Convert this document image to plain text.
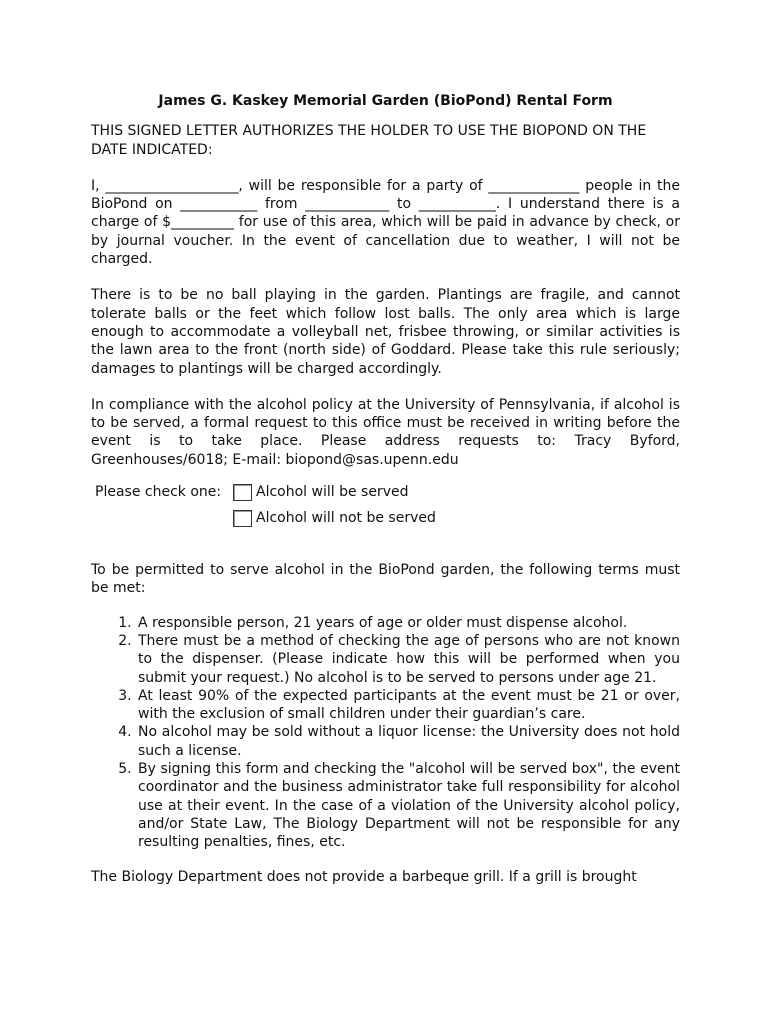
James G. Kaskey Memorial Garden (BioPond) Rental Form
THIS SIGNED LETTER AUTHORIZES THE HOLDER TO USE THE BIOPOND ON THE DATE INDICATED:

I, ___________________, will be responsible for a party of _____________ people in the BioPond on ___________ from ____________ to ___________. I understand there is a charge of $_________ for use of this area, which will be paid in advance by check, or by journal voucher. In the event of cancellation due to weather, I will not be charged.

There is to be no ball playing in the garden. Plantings are fragile, and cannot tolerate balls or the feet which follow lost balls. The only area which is large enough to accommodate a volleyball net, frisbee throwing, or similar activities is the lawn area to the front (north side) of Goddard. Please take this rule seriously; damages to plantings will be charged accordingly.

In compliance with the alcohol policy at the University of Pennsylvania, if alcohol is to be served, a formal request to this office must be received in writing before the event is to take place. Please address requests to: Tracy Byford, Greenhouses/6018; E-mail: biopond@sas.upenn.edu

Please check one:	Alcohol will be served
Alcohol will not be served

To be permitted to serve alcohol in the BioPond garden, the following terms must be met:

1. A responsible person, 21 years of age or older must dispense alcohol.
2. There must be a method of checking the age of persons who are not known to the dispenser. (Please indicate how this will be performed when you submit your request.) No alcohol is to be served to persons under age 21.
3. At least 90% of the expected participants at the event must be 21 or over, with the exclusion of small children under their guardian’s care.
4. No alcohol may be sold without a liquor license: the University does not hold such a license.
5. By signing this form and checking the "alcohol will be served box", the event coordinator and the business administrator take full responsibility for alcohol use at their event. In the case of a violation of the University alcohol policy, and/or State Law, The Biology Department will not be responsible for any resulting penalties, fines, etc.
The Biology Department does not provide a barbeque grill. If a grill is brought
